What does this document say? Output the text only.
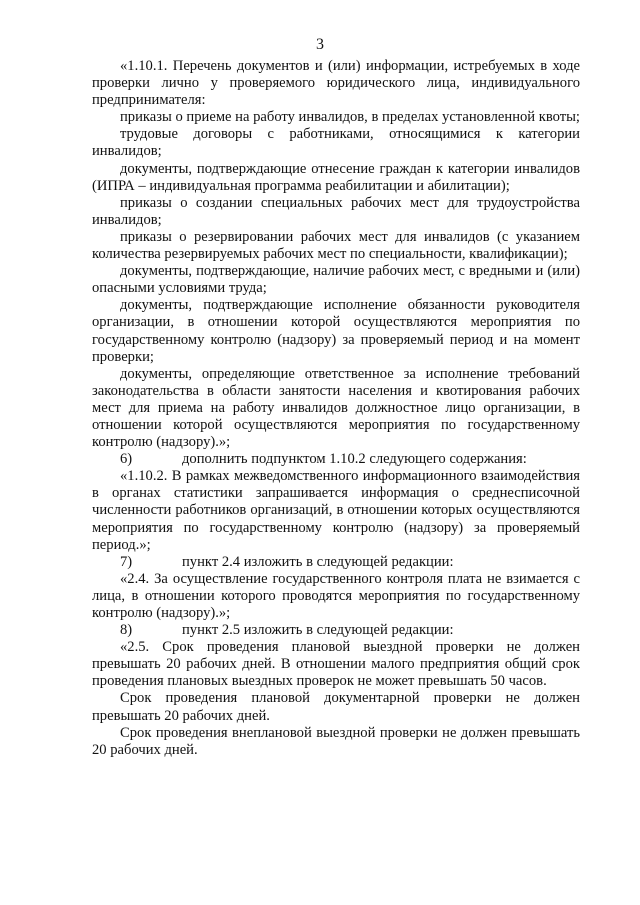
3

«1.10.1. Перечень документов и (или) информации, истребуемых в ходе проверки лично у проверяемого юридического лица, индивидуального предпринимателя:

приказы о приеме на работу инвалидов, в пределах установленной квоты;

трудовые договоры с работниками, относящимися к категории инвалидов;

документы, подтверждающие отнесение граждан к категории инвалидов (ИПРА – индивидуальная программа реабилитации и абилитации);

приказы о создании специальных рабочих мест для трудоустройства инвалидов;

приказы о резервировании рабочих мест для инвалидов (с указанием количества резервируемых рабочих мест по специальности, квалификации);

документы, подтверждающие, наличие рабочих мест, с вредными и (или) опасными условиями труда;

документы, подтверждающие исполнение обязанности руководителя организации, в отношении которой осуществляются мероприятия по государственному контролю (надзору) за проверяемый период и на момент проверки;

документы, определяющие ответственное за исполнение требований законодательства в области занятости населения и квотирования рабочих мест для приема на работу инвалидов должностное лицо организации, в отношении которой осуществляются мероприятия по государственному контролю (надзору).»;

6)	дополнить подпунктом 1.10.2 следующего содержания:

«1.10.2. В рамках межведомственного информационного взаимодействия в органах статистики запрашивается информация о среднесписочной численности работников организаций, в отношении которых осуществляются мероприятия по государственному контролю (надзору) за проверяемый период.»;

7)	пункт 2.4 изложить в следующей редакции:

«2.4. За осуществление государственного контроля плата не взимается с лица, в отношении которого проводятся мероприятия по государственному контролю (надзору).»;

8)	пункт 2.5 изложить в следующей редакции:

«2.5. Срок проведения плановой выездной проверки не должен превышать 20 рабочих дней. В отношении малого предприятия общий срок проведения плановых выездных проверок не может превышать 50 часов.

Срок проведения плановой документарной проверки не должен превышать 20 рабочих дней.

Срок проведения внеплановой выездной проверки не должен превышать 20 рабочих дней.
